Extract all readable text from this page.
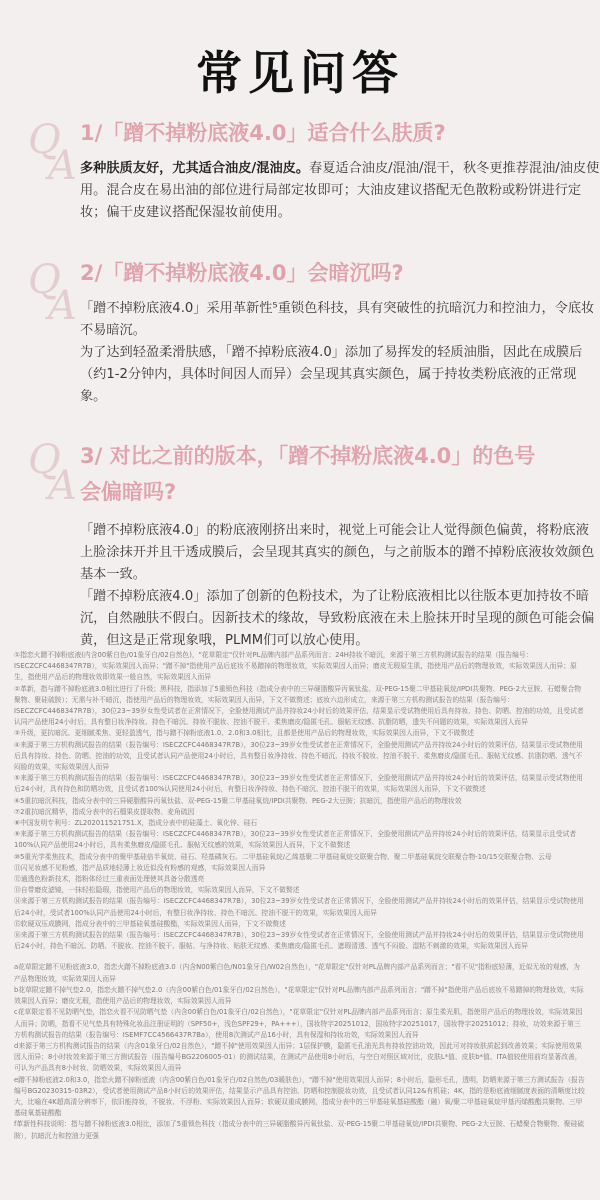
常见问答
Q
A
1/「蹭不掉粉底液4.0」适合什么肤质?

多种肤质友好，尤其适合油皮/混油皮。春夏适合油皮/混油/混干，秋冬更推荐混油/油皮使用。混合皮在易出油的部位进行局部定妆即可；大油皮建议搭配无色散粉或粉饼进行定妆；偏干皮建议搭配保湿妆前使用。

Q
A
2/「蹭不掉粉底液4.0」会暗沉吗?

「蹭不掉粉底液4.0」采用革新性⁵重锁色科技，具有突破性的抗暗沉力和控油力，令底妆不易暗沉。

为了达到轻盈柔滑肤感，「蹭不掉粉底液4.0」添加了易挥发的轻质油脂，因此在成膜后（约1-2分钟内，具体时间因人而异）会呈现其真实颜色，属于持妆类粉底液的正常现象。

Q
A
3/ 对比之前的版本，「蹭不掉粉底液4.0」的色号会偏暗吗?

「蹭不掉粉底液4.0」的粉底液刚挤出来时，视觉上可能会让人觉得颜色偏黄，将粉底液上脸涂抹开并且干透成膜后，会呈现其真实的颜色，与之前版本的蹭不掉粉底液妆效颜色基本一致。

「蹭不掉粉底液4.0」添加了创新的色粉技术，为了让粉底液相比以往版本更加持妆不暗沉，自然融肤不假白。因新技术的缘故，导致粉底液在未上脸抹开时呈现的颜色可能会偏黄，但这是正常现象哦，PLMM们可以放心使用。

①指恋火蹭不掉粉底液(内含00紫白色/01象牙白/02自然色)，"花草限定"仅针对PL品牌内部产品系列而言；24H持妆不暗沉，来源于第三方机构测试报告的结果（报告编号：ISECZCFC4468347R7B），实际效果因人而异；"蹭不掉"指使用产品后底妆不易蹭掉的物理妆效，实际效果因人而异；磨皮无瑕原生肌，指使用产品后的物理妆效，实际效果因人而异；原生，指使用产品后的物理妆效即效果一般自然，实际效果因人而异

②革新，指与蹭不掉粉底液3.0相比进行了升级；黑科技，指添加了5重锁色科技（指成分表中的三异硬脂酸异丙氧钛盐、双-PEG-15聚二甲基硅氧烷/IPDI共聚物、PEG-2大豆胺、石蜡聚合物聚物、聚硅硫胺）；无需与补不暗沉，指使用产品后的物理妆效，实际效果因人而异，下文不做赘述；底妆六边形成立，来源于第三方机构测试报告的结果（报告编号：ISECZCFC4468347R7B），30位23~39岁女性受试者在正常情况下，全脸使用测试产品并持妆24小时后的效果评估，结果显示受试物使用后具有持妆、持色、防晒、控油的功效，且受试者认同产品使用24小时后，具有整日妆净持妆、持色不暗沉、持妆不脱妆、控油不脱干、柔焦磨皮/隐匿毛孔、服帖无纹感、抗脂防晒，遗失不问题的效果，实际效果因人而异

③升级，更抗暗沉、更细腻柔焦、更轻盈透气，指与蹭不掉粉底液1.0、2.0和3.0相比，且都是使用产品后的物理妆效，实际效果因人而异，下文不做赘述

④来源于第三方机构测试报告的结果（报告编号：ISECZCFC4468347R7B），30位23~39岁女性受试者在正常情况下，全脸使用测试产品并持妆24小时后的效果评估，结果显示受试物使用后具有持妆、持色、防晒、控油的功效，且受试者认同产品使用24小时后，具有整日妆净持妆、持色不暗沉、持妆不脱妆、控油不脱干、柔焦磨皮/隐匿毛孔、服帖无纹感、抗脂防晒、透气不闷脸的效果，实际效果因人而异

⑤来源于第三方机构测试报告的结果（报告编号：ISECZCFC4468347R7B），30位23~39岁女性受试者在正常情况下，全脸使用测试产品并持妆24小时后的效果评估，结果显示受试物使用后24小时，具有持色和防晒功效，且受试者100%认同使用24小时后，有整日妆净持妆、持色不暗沉、控油不脱干的效果，实际效果因人而异，下文不做赘述

⑥5重抗暗沉科技，指成分表中的三异硬脂酸异丙氧钛盐、双-PEG-15聚二甲基硅氧烷/IPDI共聚物、PEG-2大豆胺；抗暗沉，指使用产品后的物理妆效

⑦2重抗暗沉精华，指成分表中的石榴果皮提取物、麦角硫因

⑧中国发明专利号：ZL202011521751.X，指成分表中的硅藻土、氧化锌、硅石

⑨来源于第三方机构测试报告的结果（报告编号：ISECZCFC4468347R7B），30位23~39岁女性受试者在正常情况下，全脸使用测试产品并持妆24小时后的效果评估，结果显示且受试者100%认同产品使用24小时后，具有柔焦磨皮/隐匿毛孔、服帖无纹感的效果，实际效果因人而异，下文不做赘述

⑩5重光学柔焦技术，指成分表中的聚甲基硅倍半氧烷、硅石、羟基磷灰石、二甲基硅氧烷/乙烯基聚二甲基硅氧烷交联聚合物、聚二甲基硅氧烷交联聚合物-10/15交联聚合物、云母

⑪闪见妆感不见粉感，指产品质地轻薄上妆近似没有粉感的观感，实际效果因人而异

⑫通透色粉新技术，指粉体经过三重表面处理使其具备分散透亮

⑬自带磨皮滤镜，一抹轻松隐瑕，指使用产品后的物理妆效，实际效果因人而异，下文不做赘述

⑭来源于第三方机构测试报告的结果（报告编号：ISECZCFC4468347R7B），30位23~39岁女性受试者在正常情况下，全脸使用测试产品并持妆24小时后的效果评估，结果显示受试物使用后24小时，受试者100%认同产品使用24小时后，有整日妆净持妆、持色不暗沉、控油不脱干的效果，实际效果因人而异

⑮软硬双压成膜网，指成分表中的三甲基硅氧基硅酸酯，实际效果因人而异，下文不做赘述

⑯来源于第三方机构测试报告的结果（报告编号：ISECZCFC4468347R7B），30位23~39岁女性受试者在正常情况下，全脸使用测试产品并持妆24小时后的效果评估，结果显示受试物使用后24小时，持色不暗沉、防晒、不脱妆、控油不脱干、服帖、与净持妆、贴肤无纹感、柔焦磨皮/隐匿毛孔、遮瑕清透、透气不闷脸、湿粘不刺激的效果，实际效果因人而异

a花草限定蹭不见粉底液3.0，指恋火蹭不掉粉底液3.0（内含N00紫白色/N01象牙白/W02自然色），"花草限定"仅针对PL品牌内部产品系列而言；"看不见"指粉底轻薄，近似无妆的观感，为产品物理妆效，实际效果因人而异

b花草限定蹭不掉气垫2.0，指恋火蹭不掉气垫2.0（内含00紫白色/01象牙白/02自然色），"花草限定"仅针对PL品牌内部产品系列而言；"蹭不掉"指使用产品后底妆不易蹭掉的物理妆效，实际效果因人而异；磨皮无瑕，指使用产品后的物理妆效，实际效果因人而异

c花草限定看不见防晒气垫，指恋火看不见防晒气垫（内含00紫白色/01象牙白/02自然色），"花草限定"仅针对PL品牌内部产品系列而言；原生柔光肌，指使用产品后的物理妆效，实际效果因人而异；防晒，指看不见气垫具有特殊化妆品注册证明的（SPF50+，浅色SPF29+，PA+++），国妆特字20251012，国妆特字20251017，国妆特字20251012；持妆，功效来源于第三方机构测试报告的结果（报告编号：ISEMF7CC4566437R7Ba），使用8次测试产品16小时，具有保湿和持妆功效，实际效果因人而异

d来源于第三方机构测试报告的结果（内含01象牙白/02自然色），"蹭不掉"使用效果因人而异；1层保护膜，隐匿毛孔油光具有持妆控油功效，因此可对持妆肤质起到改善效果；实际使用效果因人而异；8小时妆效来源于第三方测试报告（报告编号BG2206005-01）的测试结果，在测试产品使用8小时后，与空白对照区域对比，皮肤L*值、皮肤b*值、ITA值较使用前均显著改善，可认为产品具有8小时妆、防晒效果，实际效果因人而异

e蹭不掉粉底液2.0和3.0，指恋火蹭不掉粉底液（内含00紫白色/01象牙白/02自然色/03暖肤色），"蹭不掉"使用效果因人而异；8小时后，隐形毛孔，透明，防晒来源于第三方测试报告（报告编号BG20230315-03R2），受试者使用测试产品8小时后的效果评估，结果显示产品具有控油、防晒和控制脱妆功效，且受试者认同12&有机硅；4K，指的是粉底液细腻度表面的清晰度比较大，比喻在4K超高清分辨率下，依旧能持妆，不脱妆、不浮粉、实际效果因人而异；软硬双重成膜网，指成分表中的三甲基硅氧基硅酸酯（融）氧/聚二甲基硅氧烷甲基丙烯酸酯共聚物、三甲基硅氧基硅酸酯

f革新性科技说明：指与蹭不掉粉底液3.0相比，添加了5重锁色科技（指成分表中的三异硬脂酸异丙氧钛盐、双-PEG-15聚二甲基硅氧烷/IPDI共聚物、PEG-2大豆胺、石蜡聚合物聚物、聚硅硫胺），抗暗沉力和控油力更强
